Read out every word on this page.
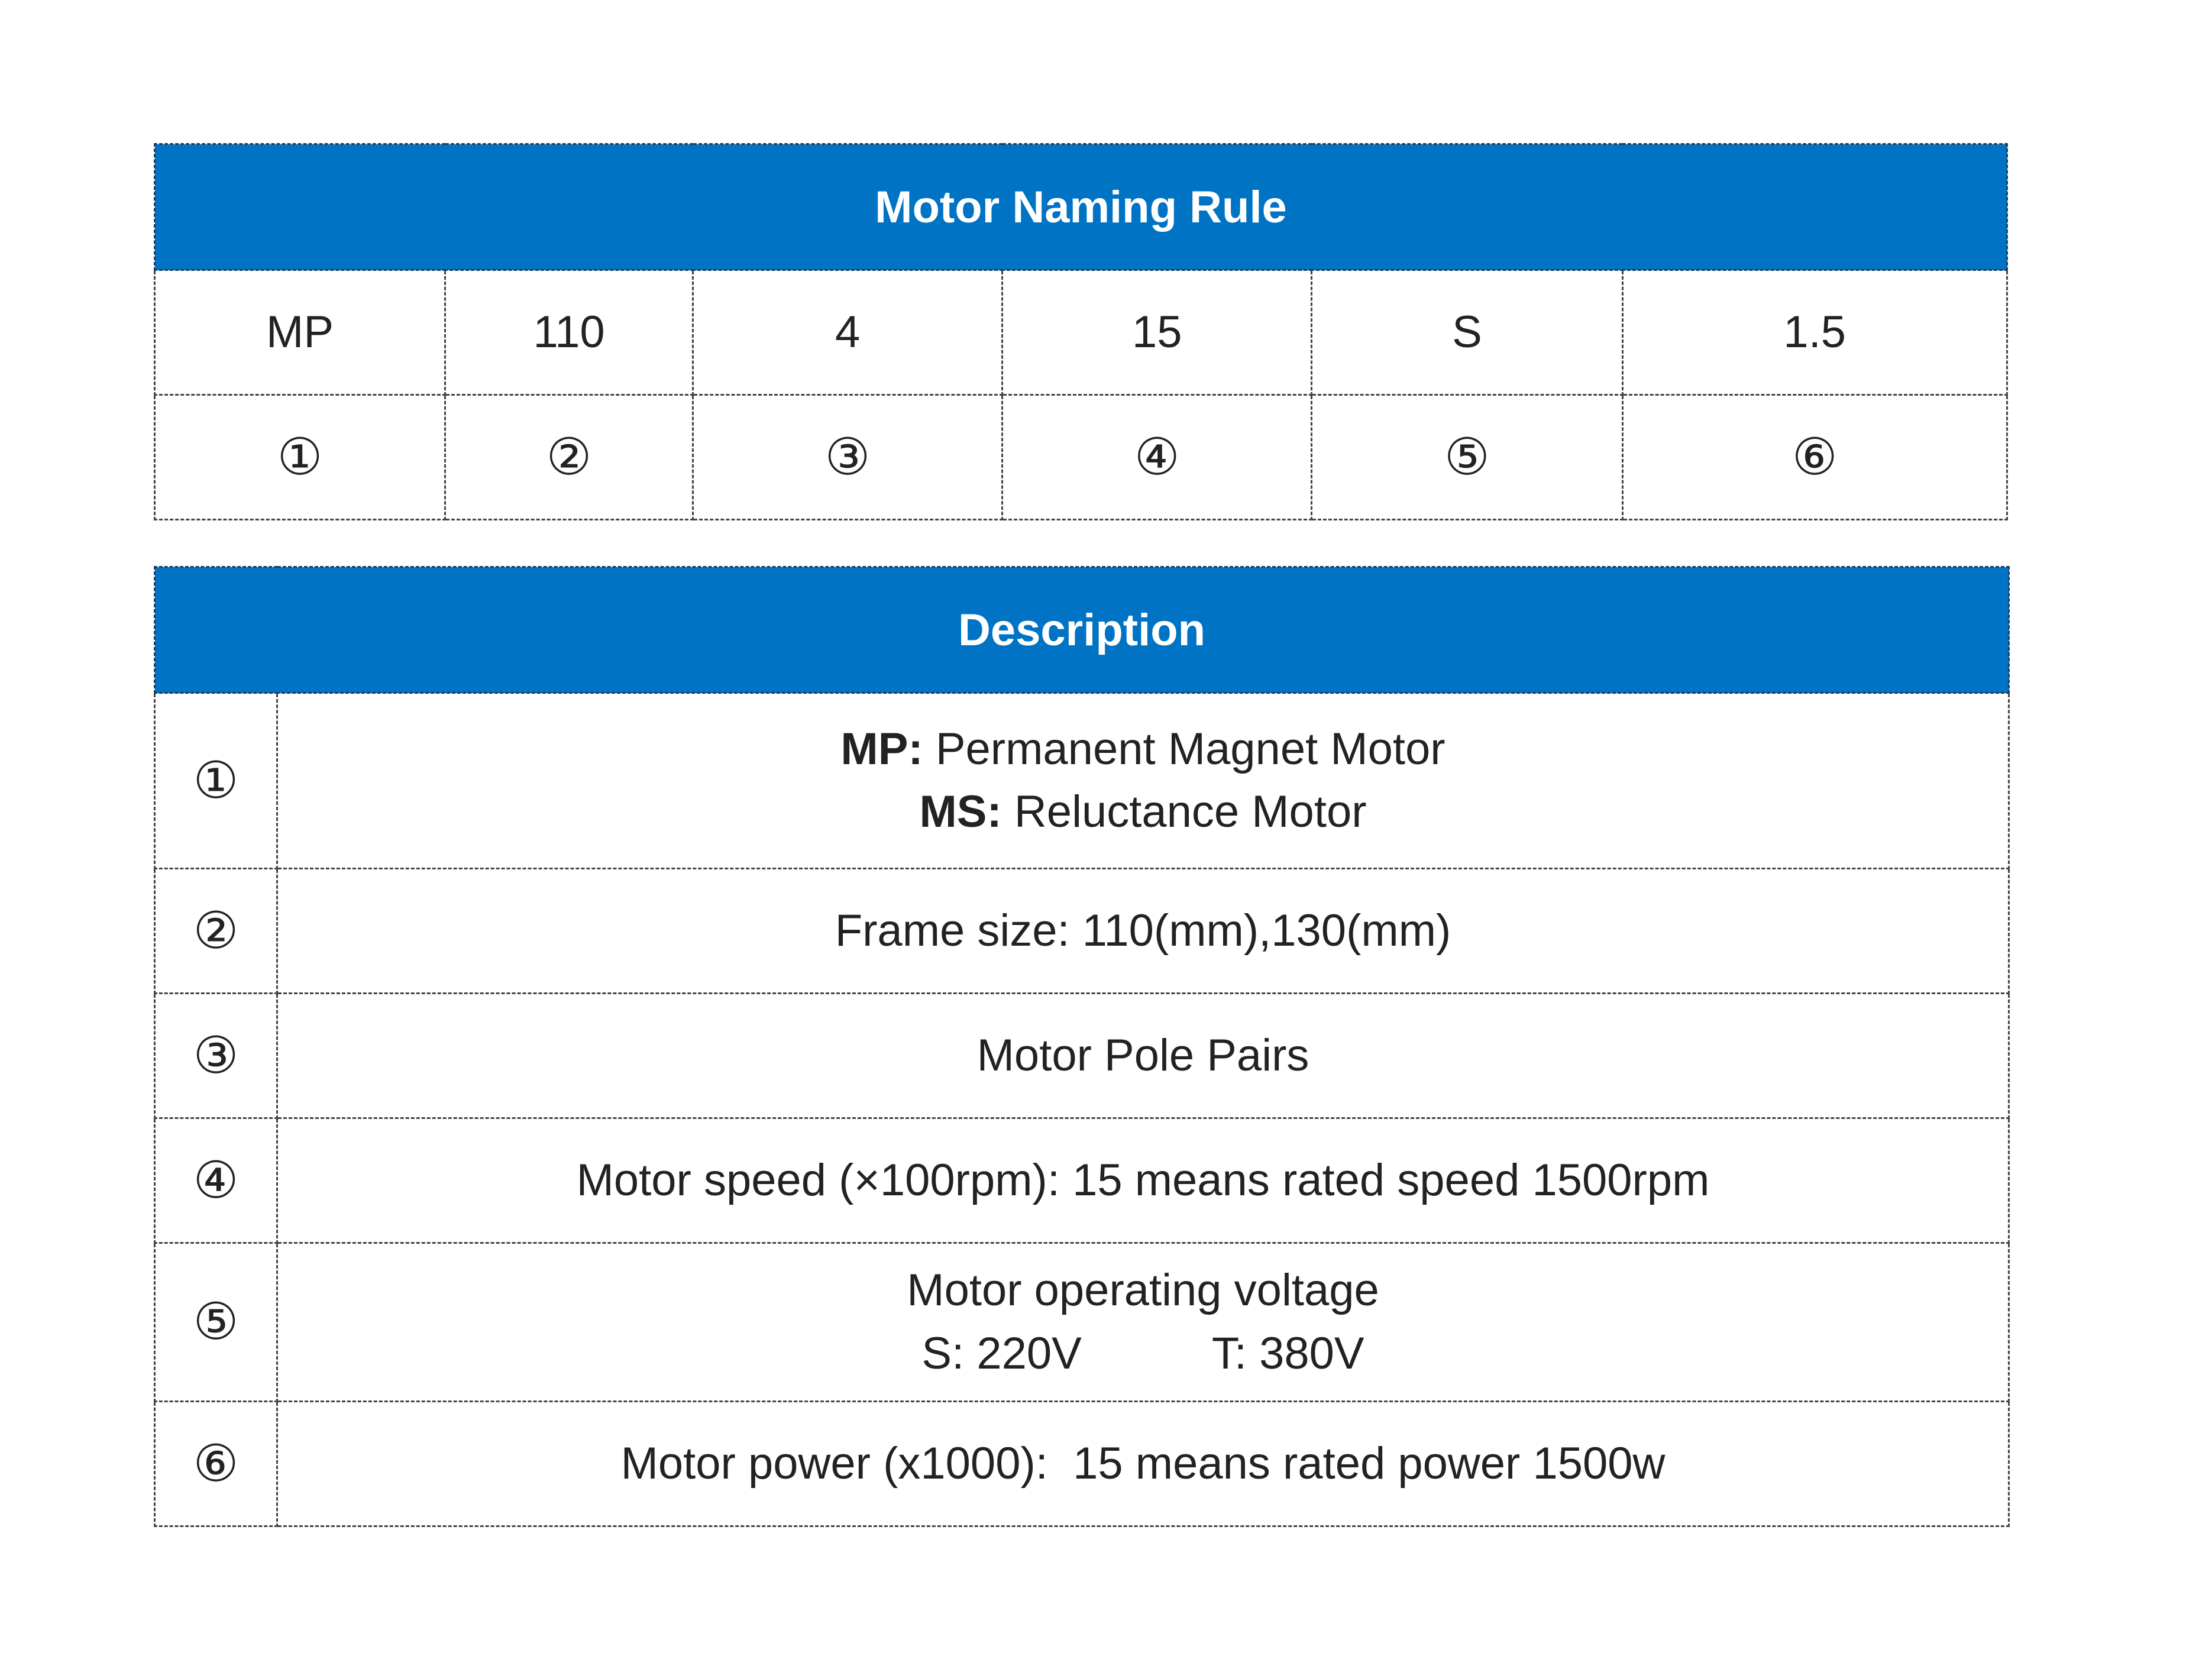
Motor Naming Rule					
MP	110	4	15	S	1.5
①	②	③	④	⑤	⑥
Description	
①	MP: Permanent Magnet Motor
MS: Reluctance Motor

②	Frame size: 110(mm),130(mm)
③	Motor Pole Pairs
④	Motor speed (×100rpm): 15 means rated speed 1500rpm
⑤	Motor operating voltage
S: 220V T: 380V

⑥	Motor power (x1000):  15 means rated power 1500w
